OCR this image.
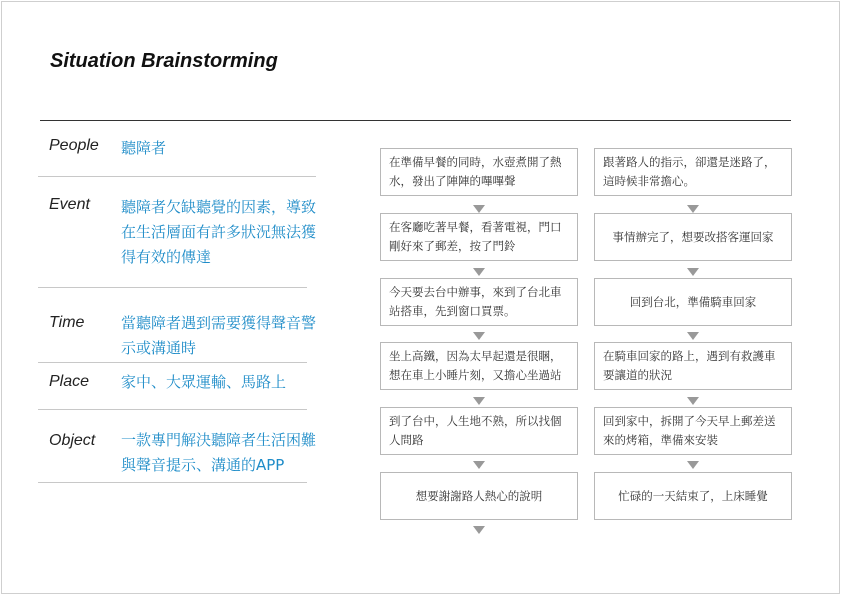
Situation Brainstorming
People 聽障者
Event 聽障者欠缺聽覺的因素，導致在生活層面有許多狀況無法獲得有效的傳達
Time 當聽障者遇到需要獲得聲音警示或溝通時
Place 家中、大眾運輸、馬路上
Object 一款專門解決聽障者生活困難與聲音提示、溝通的APP
在準備早餐的同時，水壺煮開了熱水，發出了陣陣的嗶嗶聲
在客廳吃著早餐，看著電視，門口剛好來了郵差，按了門鈴
今天要去台中辦事，來到了台北車站搭車，先到窗口買票。
坐上高鐵，因為太早起還是很睏，想在車上小睡片刻，又擔心坐過站
到了台中，人生地不熟，所以找個人問路
想要謝謝路人熱心的說明
跟著路人的指示，卻還是迷路了，這時候非常擔心。
事情辦完了，想要改搭客運回家
回到台北，準備騎車回家
在騎車回家的路上，遇到有救護車要讓道的狀況
回到家中，拆開了今天早上郵差送來的烤箱，準備來安裝
忙碌的一天結束了，上床睡覺
